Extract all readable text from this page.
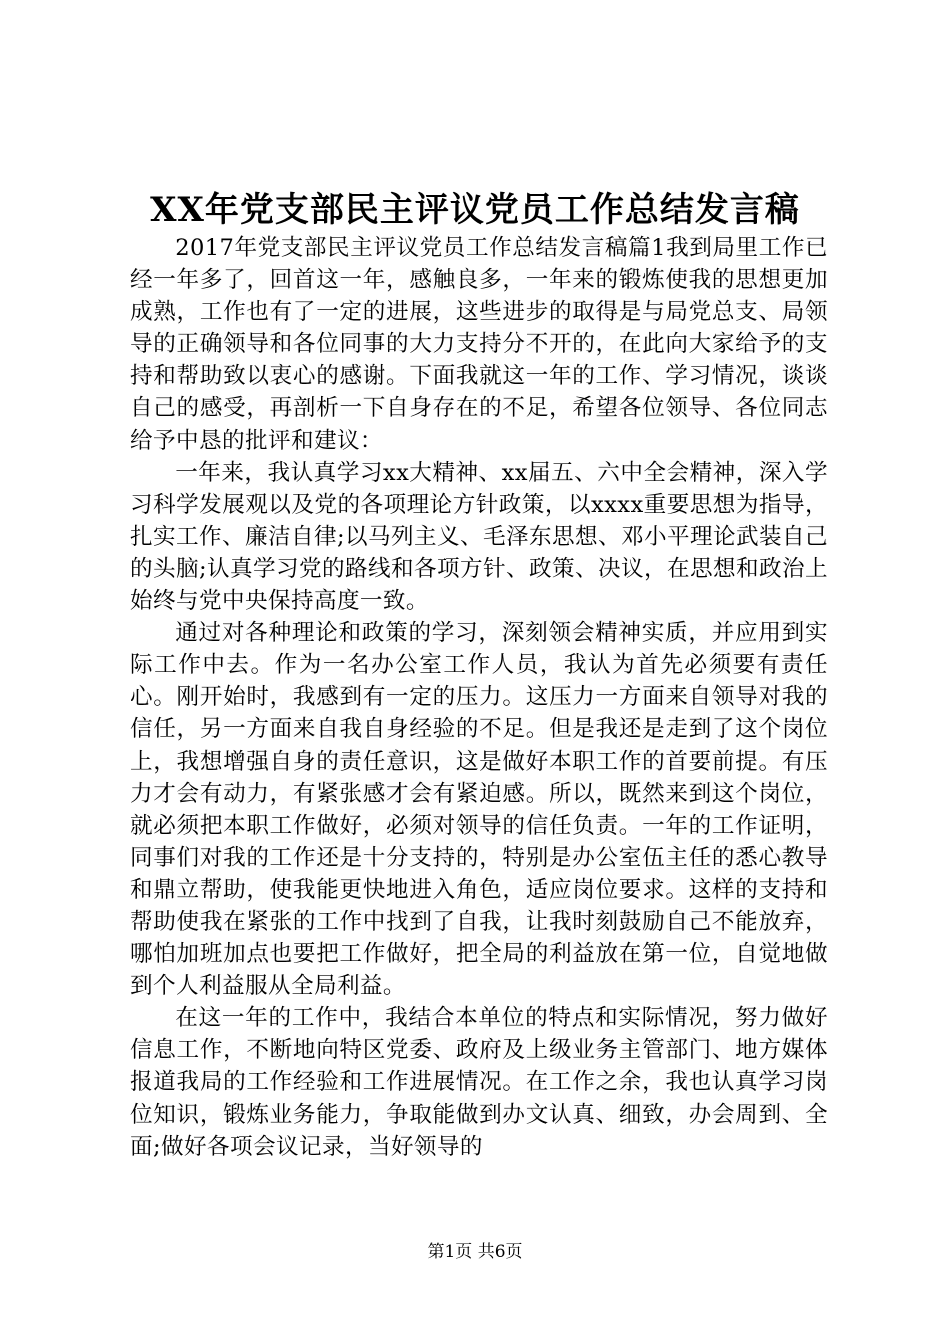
XX年党支部民主评议党员工作总结发言稿

2017年党支部民主评议党员工作总结发言稿篇1我到局里工作已经一年多了，回首这一年，感触良多，一年来的锻炼使我的思想更加成熟，工作也有了一定的进展，这些进步的取得是与局党总支、局领导的正确领导和各位同事的大力支持分不开的，在此向大家给予的支持和帮助致以衷心的感谢。下面我就这一年的工作、学习情况，谈谈自己的感受，再剖析一下自身存在的不足，希望各位领导、各位同志给予中恳的批评和建议：

一年来，我认真学习xx大精神、xx届五、六中全会精神，深入学习科学发展观以及党的各项理论方针政策，以xxxx重要思想为指导，扎实工作、廉洁自律;以马列主义、毛泽东思想、邓小平理论武装自己的头脑;认真学习党的路线和各项方针、政策、决议，在思想和政治上始终与党中央保持高度一致。

通过对各种理论和政策的学习，深刻领会精神实质，并应用到实际工作中去。作为一名办公室工作人员，我认为首先必须要有责任心。刚开始时，我感到有一定的压力。这压力一方面来自领导对我的信任，另一方面来自我自身经验的不足。但是我还是走到了这个岗位上，我想增强自身的责任意识，这是做好本职工作的首要前提。有压力才会有动力，有紧张感才会有紧迫感。所以，既然来到这个岗位，就必须把本职工作做好，必须对领导的信任负责。一年的工作证明，同事们对我的工作还是十分支持的，特别是办公室伍主任的悉心教导和鼎立帮助，使我能更快地进入角色，适应岗位要求。这样的支持和帮助使我在紧张的工作中找到了自我，让我时刻鼓励自己不能放弃，哪怕加班加点也要把工作做好，把全局的利益放在第一位，自觉地做到个人利益服从全局利益。

在这一年的工作中，我结合本单位的特点和实际情况，努力做好信息工作，不断地向特区党委、政府及上级业务主管部门、地方媒体报道我局的工作经验和工作进展情况。在工作之余，我也认真学习岗位知识，锻炼业务能力，争取能做到办文认真、细致，办会周到、全面;做好各项会议记录，当好领导的

第1页 共6页
